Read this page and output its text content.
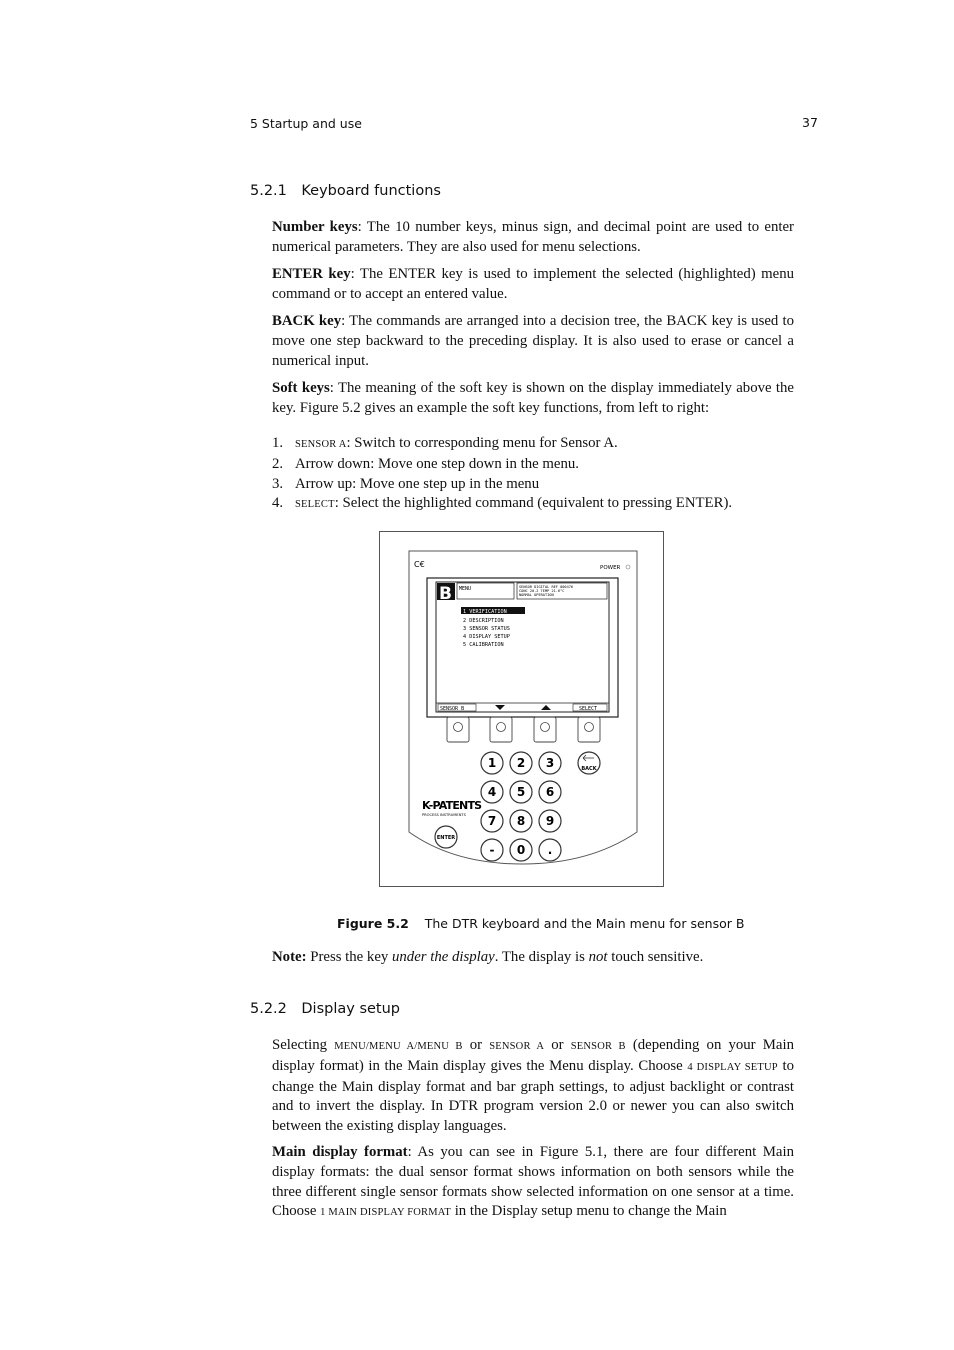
5 Startup and use	37
5.2.1 Keyboard functions

Number keys: The 10 number keys, minus sign, and decimal point are used to enter numerical parameters. They are also used for menu selections.

ENTER key: The ENTER key is used to implement the selected (highlighted) menu command or to accept an entered value.

BACK key: The commands are arranged into a decision tree, the BACK key is used to move one step backward to the preceding display. It is also used to erase or cancel a numerical input.

Soft keys: The meaning of the soft key is shown on the display immediately above the key. Figure 5.2 gives an example the soft key functions, from left to right:

1. SENSOR A: Switch to corresponding menu for Sensor A.
2. Arrow down: Move one step down in the menu.
3. Arrow up: Move one step up in the menu
4. SELECT: Select the highlighted command (equivalent to pressing ENTER).
C€	POWER
B MENU	SENSOR DIGITAL REF 000476
CONC 20.2 TEMP 21.6°C
NORMAL OPERATION
1 VERIFICATION
2 DESCRIPTION
3 SENSOR STATUS
4 DISPLAY SETUP
5 CALIBRATION
SENSOR B	SELECT
1 2 3
4 5 6
7 8 9
- 0 .
BACK
ENTER
K-PATENTS
PROCESS INSTRUMENTS
Figure 5.2 The DTR keyboard and the Main menu for sensor B

Note: Press the key under the display. The display is not touch sensitive.

5.2.2 Display setup

Selecting MENU/MENU A/MENU B or SENSOR A or SENSOR B (depending on your Main display format) in the Main display gives the Menu display. Choose 4 DISPLAY SETUP to change the Main display format and bar graph settings, to adjust backlight or contrast and to invert the display. In DTR program version 2.0 or newer you can also switch between the existing display languages.

Main display format: As you can see in Figure 5.1, there are four different Main display formats: the dual sensor format shows information on both sensors while the three different single sensor formats show selected information on one sensor at a time. Choose 1 MAIN DISPLAY FORMAT in the Display setup menu to change the Main
